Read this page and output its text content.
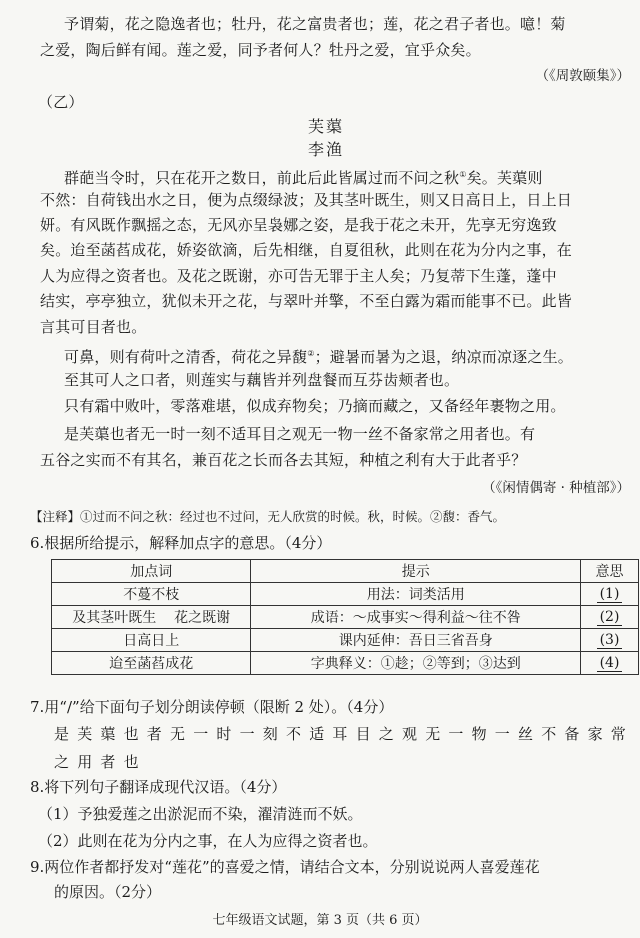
予谓菊，花之隐逸者也；牡丹，花之富贵者也；莲，花之君子者也。噫！菊
之爱，陶后鲜有闻。莲之爱，同予者何人？牡丹之爱，宜乎众矣。
（《周敦颐集》）
（乙）
芙蕖
李渔
群葩当令时，只在花开之数日，前此后此皆属过而不问之秋①矣。芙蕖则
不然：自荷钱出水之日，便为点缀绿波；及其茎叶既生，则又日高日上，日上日
妍。有风既作飘摇之态，无风亦呈袅娜之姿，是我于花之未开，先享无穷逸致
矣。迨至菡萏成花，娇姿欲滴，后先相继，自夏徂秋，此则在花为分内之事，在
人为应得之资者也。及花之既谢，亦可告无罪于主人矣；乃复蒂下生蓬，蓬中
结实，亭亭独立，犹似未开之花，与翠叶并擎，不至白露为霜而能事不已。此皆
言其可目者也。
可鼻，则有荷叶之清香，荷花之异馥②；避暑而暑为之退，纳凉而凉逐之生。
至其可人之口者，则莲实与藕皆并列盘餐而互芬齿颊者也。
只有霜中败叶，零落难堪，似成弃物矣；乃摘而藏之，又备经年裹物之用。
是芙蕖也者无一时一刻不适耳目之观无一物一丝不备家常之用者也。有
五谷之实而不有其名，兼百花之长而各去其短，种植之利有大于此者乎？
（《闲情偶寄 · 种植部》）
【注释】①过而不问之秋：经过也不过问，无人欣赏的时候。秋，时候。②馥：香气。
6.根据所给提示，解释加点字的意思。（4分）
加点词	提示	意思
不蔓不枝	用法：词类活用	(1)
及其茎叶既生    花之既谢	成语：～成事实～得利益～往不咎	(2)
日高日上	课内延伸：吾日三省吾身	(3)
迨至菡萏成花	字典释义：①趁；②等到；③达到	(4)
7.用“/”给下面句子划分朗读停顿（限断 2 处）。（4分）
是芙蕖也者无一时一刻不适耳目之观无一物一丝不备家常
之用者也
8.将下列句子翻译成现代汉语。（4分）
（1）予独爱莲之出淤泥而不染，濯清涟而不妖。
（2）此则在花为分内之事，在人为应得之资者也。
9.两位作者都抒发对“莲花”的喜爱之情，请结合文本，分别说说两人喜爱莲花
的原因。（2分）
七年级语文试题，第 3 页（共 6 页）
